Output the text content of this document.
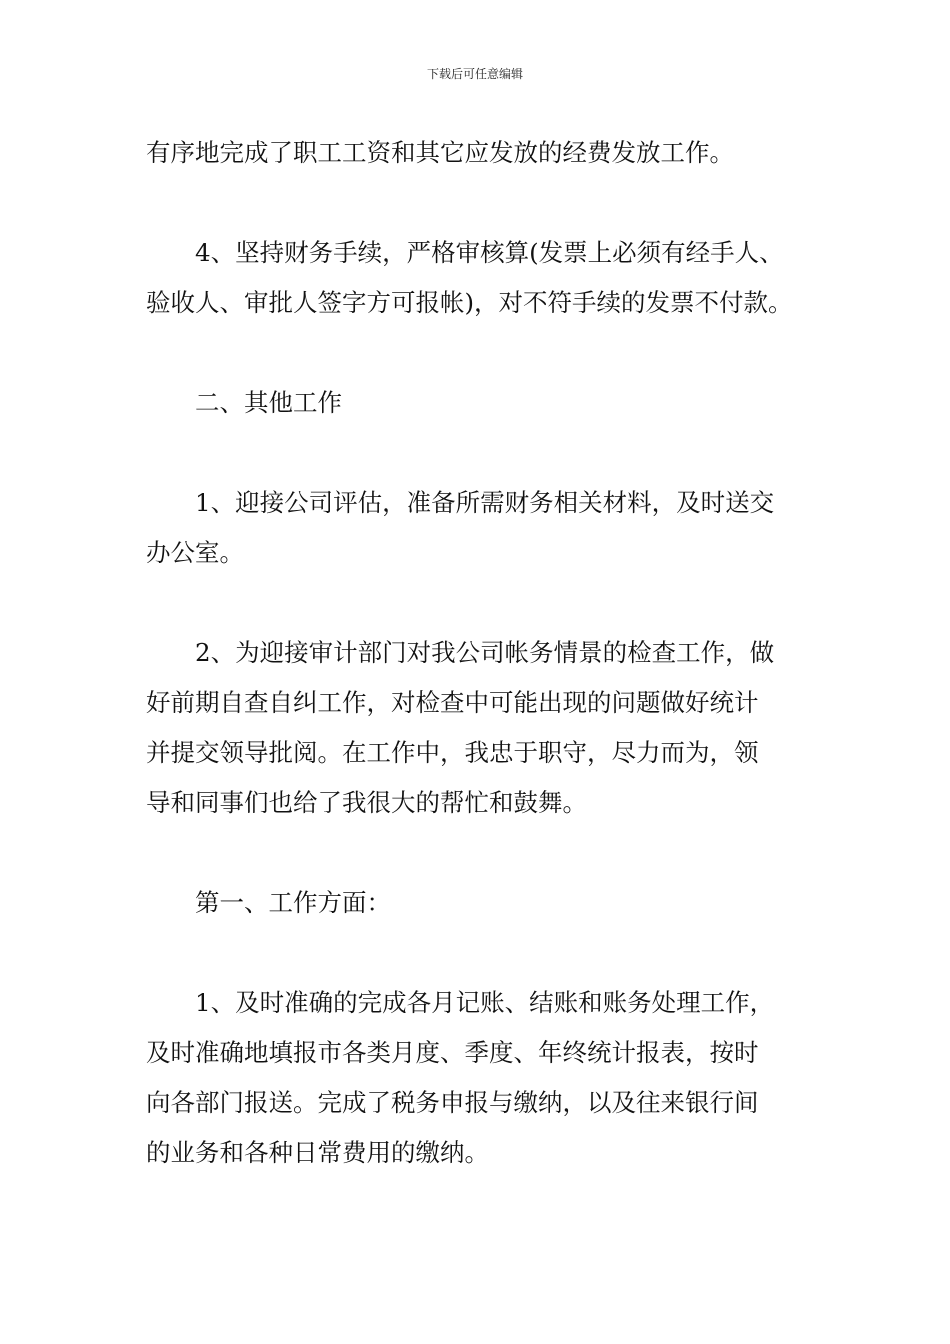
下载后可任意编辑

有序地完成了职工工资和其它应发放的经费发放工作。

4、坚持财务手续，严格审核算(发票上必须有经手人、
验收人、审批人签字方可报帐)，对不符手续的发票不付款。

二、其他工作

1、迎接公司评估，准备所需财务相关材料，及时送交
办公室。

2、为迎接审计部门对我公司帐务情景的检查工作，做
好前期自查自纠工作，对检查中可能出现的问题做好统计
并提交领导批阅。在工作中，我忠于职守，尽力而为，领
导和同事们也给了我很大的帮忙和鼓舞。

第一、工作方面：

1、及时准确的完成各月记账、结账和账务处理工作，
及时准确地填报市各类月度、季度、年终统计报表，按时
向各部门报送。完成了税务申报与缴纳，以及往来银行间
的业务和各种日常费用的缴纳。
